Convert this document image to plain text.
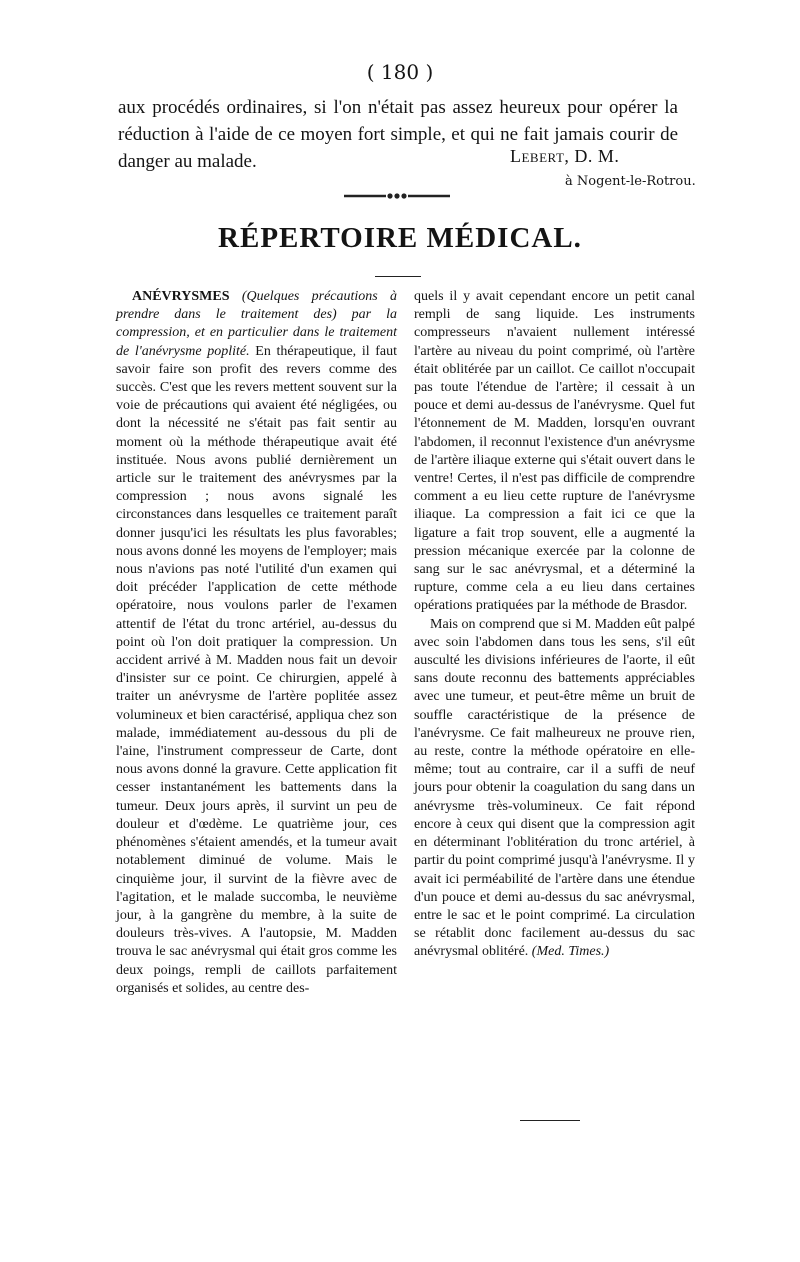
( 180 )

aux procédés ordinaires, si l'on n'était pas assez heureux pour opérer la réduction à l'aide de ce moyen fort simple, et qui ne fait jamais courir de danger au malade.	Lebert, D. M.
à Nogent-le-Rotrou.
RÉPERTOIRE MÉDICAL.

ANÉVRYSMES (Quelques précautions à prendre dans le traitement des) par la compression, et en particulier dans le traitement de l'anévrysme poplité. En thérapeutique, il faut savoir faire son profit des revers comme des succès. C'est que les revers mettent souvent sur la voie de précautions qui avaient été négligées, ou dont la nécessité ne s'était pas fait sentir au moment où la méthode thérapeutique avait été instituée. Nous avons publié dernièrement un article sur le traitement des anévrysmes par la compression ; nous avons signalé les circonstances dans lesquelles ce traitement paraît donner jusqu'ici les résultats les plus favorables; nous avons donné les moyens de l'employer; mais nous n'avions pas noté l'utilité d'un examen qui doit précéder l'application de cette méthode opératoire, nous voulons parler de l'examen attentif de l'état du tronc artériel, au-dessus du point où l'on doit pratiquer la compression. Un accident arrivé à M. Madden nous fait un devoir d'insister sur ce point. Ce chirurgien, appelé à traiter un anévrysme de l'artère poplitée assez volumineux et bien caractérisé, appliqua chez son malade, immédiatement au-dessous du pli de l'aine, l'instrument compresseur de Carte, dont nous avons donné la gravure. Cette application fit cesser instantanément les battements dans la tumeur. Deux jours après, il survint un peu de douleur et d'œdème. Le quatrième jour, ces phénomènes s'étaient amendés, et la tumeur avait notablement diminué de volume. Mais le cinquième jour, il survint de la fièvre avec de l'agitation, et le malade succomba, le neuvième jour, à la gangrène du membre, à la suite de douleurs très-vives. A l'autopsie, M. Madden trouva le sac anévrysmal qui était gros comme les deux poings, rempli de caillots parfaitement organisés et solides, au centre des-

quels il y avait cependant encore un petit canal rempli de sang liquide. Les instruments compresseurs n'avaient nullement intéressé l'artère au niveau du point comprimé, où l'artère était oblitérée par un caillot. Ce caillot n'occupait pas toute l'étendue de l'artère; il cessait à un pouce et demi au-dessus de l'anévrysme. Quel fut l'étonnement de M. Madden, lorsqu'en ouvrant l'abdomen, il reconnut l'existence d'un anévrysme de l'artère iliaque externe qui s'était ouvert dans le ventre! Certes, il n'est pas difficile de comprendre comment a eu lieu cette rupture de l'anévrysme iliaque. La compression a fait ici ce que la ligature a fait trop souvent, elle a augmenté la pression mécanique exercée par la colonne de sang sur le sac anévrysmal, et a déterminé la rupture, comme cela a eu lieu dans certaines opérations pratiquées par la méthode de Brasdor.

Mais on comprend que si M. Madden eût palpé avec soin l'abdomen dans tous les sens, s'il eût ausculté les divisions inférieures de l'aorte, il eût sans doute reconnu des battements appréciables avec une tumeur, et peut-être même un bruit de souffle caractéristique de la présence de l'anévrysme. Ce fait malheureux ne prouve rien, au reste, contre la méthode opératoire en elle-même; tout au contraire, car il a suffi de neuf jours pour obtenir la coagulation du sang dans un anévrysme très-volumineux. Ce fait répond encore à ceux qui disent que la compression agit en déterminant l'oblitération du tronc artériel, à partir du point comprimé jusqu'à l'anévrysme. Il y avait ici perméabilité de l'artère dans une étendue d'un pouce et demi au-dessus du sac anévrysmal, entre le sac et le point comprimé. La circulation se rétablit donc facilement au-dessus du sac anévrysmal oblitéré. (Med. Times.)
